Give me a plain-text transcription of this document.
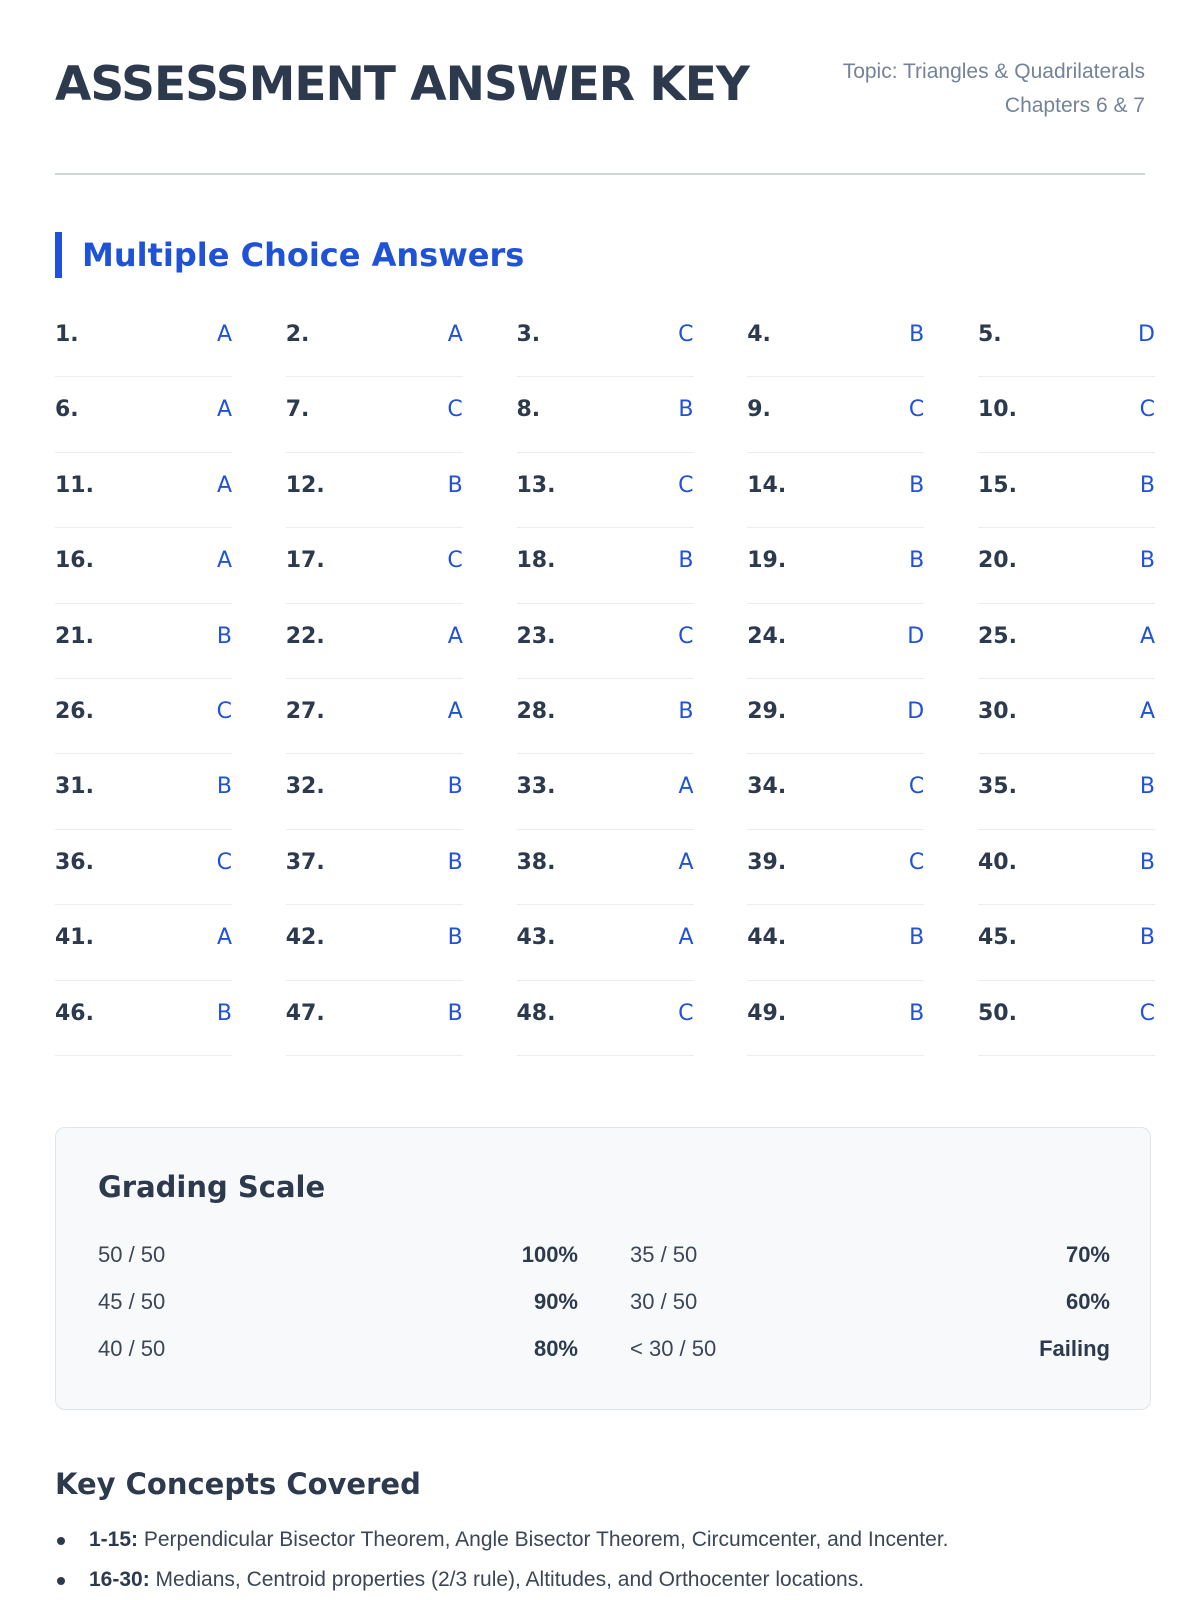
ASSESSMENT ANSWER KEY	Topic: Triangles & Quadrilaterals
Chapters 6 & 7
Multiple Choice Answers
1.	A 2.	A 3.	C 4.	B 5.	D
6.	A 7.	C 8.	B 9.	C 10.	C
11.	A 12.	B 13.	C 14.	B 15.	B
16.	A 17.	C 18.	B 19.	B 20.	B
21.	B 22.	A 23.	C 24.	D 25.	A
26.	C 27.	A 28.	B 29.	D 30.	A
31.	B 32.	B 33.	A 34.	C 35.	B
36.	C 37.	B 38.	A 39.	C 40.	B
41.	A 42.	B 43.	A 44.	B 45.	B
46.	B 47.	B 48.	C 49.	B 50.	C
Grading Scale
50 / 50	100%
45 / 50	90%
40 / 50	80%
35 / 50	70%
30 / 50	60%
< 30 / 50	Failing
Key Concepts Covered
1-15: Perpendicular Bisector Theorem, Angle Bisector Theorem, Circumcenter, and Incenter.
16-30: Medians, Centroid properties (2/3 rule), Altitudes, and Orthocenter locations.
